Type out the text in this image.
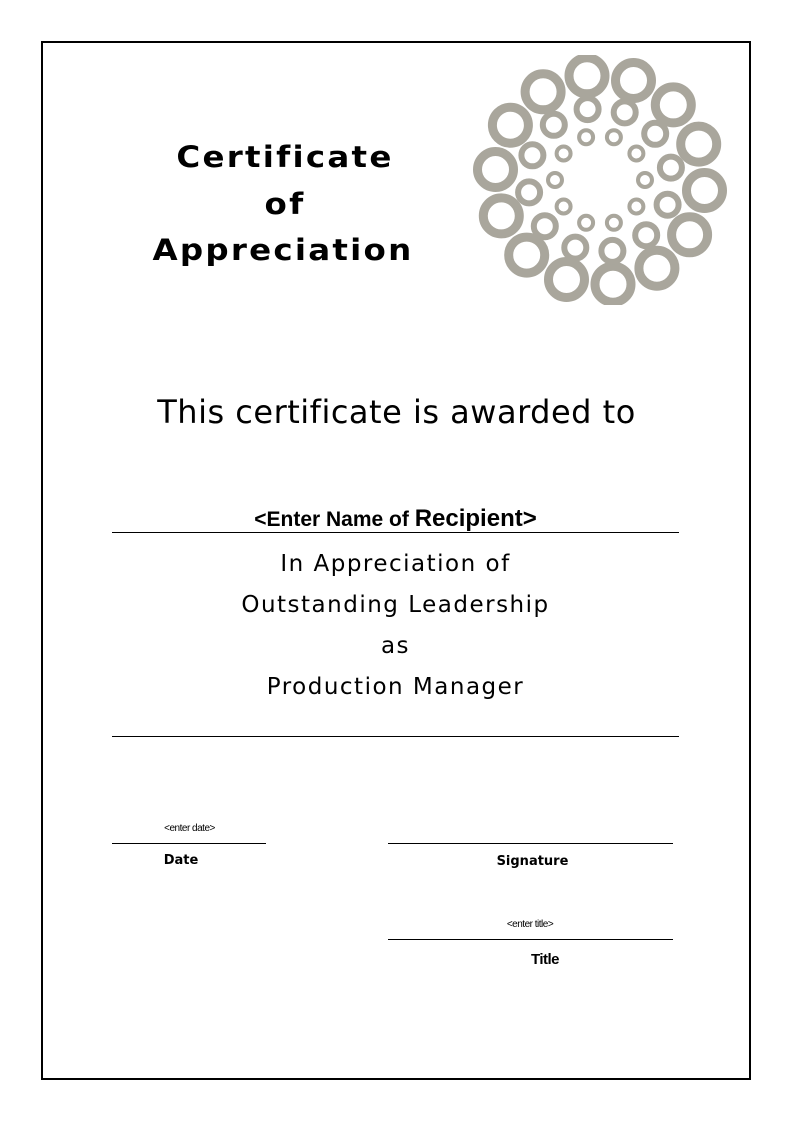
Certificate
of
Appreciation
This certificate is awarded to
<Enter Name of Recipient>
In Appreciation of
Outstanding Leadership
as
Production Manager
<enter date>
Date	Signature
<enter title>
Title
